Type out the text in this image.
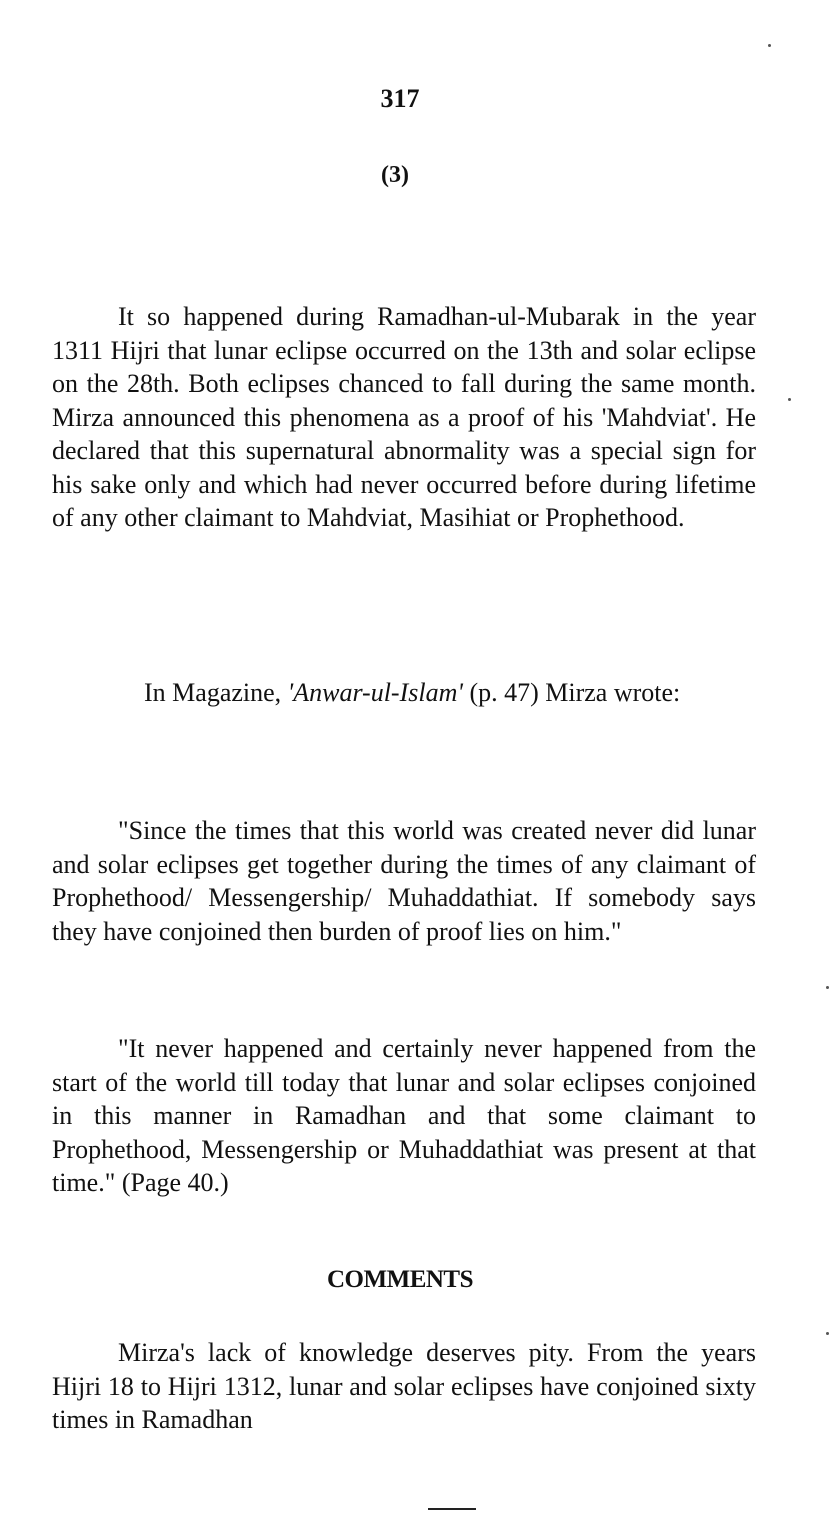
317
(3)

It so happened during Ramadhan-ul-Mubarak in the year 1311 Hijri that lunar eclipse occurred on the 13th and solar eclipse on the 28th. Both eclipses chanced to fall during the same month. Mirza announced this phenomena as a proof of his 'Mahdviat'. He declared that this supernatural abnormality was a special sign for his sake only and which had never occurred before during lifetime of any other claimant to Mahdviat, Masihiat or Prophethood.

In Magazine, 'Anwar-ul-Islam' (p. 47) Mirza wrote:

"Since the times that this world was created never did lunar and solar eclipses get together during the times of any claimant of Prophethood/ Messengership/ Muhaddathiat. If somebody says they have conjoined then burden of proof lies on him."

"It never happened and certainly never happened from the start of the world till today that lunar and solar eclipses conjoined in this manner in Ramadhan and that some claimant to Prophethood, Messengership or Muhaddathiat was present at that time." (Page 40.)

COMMENTS

Mirza's lack of knowledge deserves pity. From the years Hijri 18 to Hijri 1312, lunar and solar eclipses have conjoined sixty times in Ramadhan
